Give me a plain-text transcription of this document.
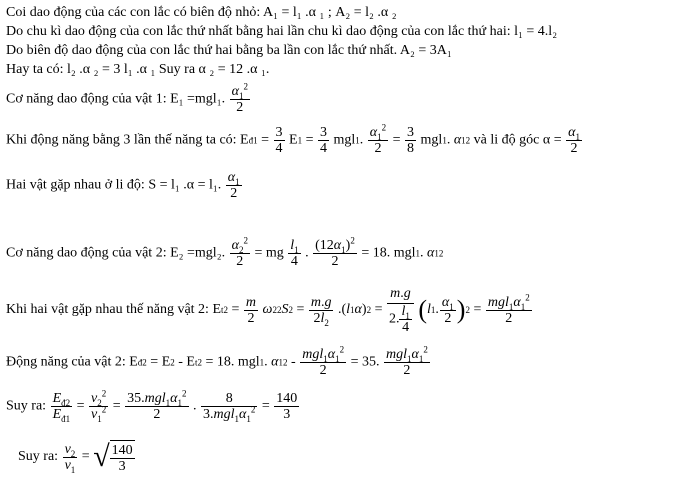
Coi dao động của các con lắc có biên độ nhỏ: A₁ = l₁ .α ₁ ; A₂ = l₂ .α ₂
Do chu kì dao động của con lắc thứ nhất bằng hai lần chu kì dao động của con lắc thứ hai: l₁ = 4.l₂
Do biên độ dao động của con lắc thứ hai bằng ba lần con lắc thứ nhất. A₂ = 3A₁
Hay ta có: l₂ .α ₂ = 3 l₁ .α ₁ Suy ra α ₂ = 12 .α ₁.
Cơ năng dao động của vật 1: E₁ =mgl₁. $\frac{\alpha_1^2}{2}$
Khi động năng bằng 3 lần thế năng ta có: Eđ1 = $\frac{3}{4} E1 = \frac{3}{4} mgl1$. $\frac{\alpha_1^2}{2} = \frac{3}{8} mgl1$. α12 và li độ góc $\alpha = \frac{\alpha_1}{2}$
Hai vật gặp nhau ở li độ: S = l₁ .α = l₁. $\frac{\alpha_1}{2}$
Cơ năng dao động của vật 2: E₂ =mgl₂. $\frac{\alpha_2^2}{2}$ = mg $\frac{l_1}{4}$ . $\frac{(12\alpha_1)^2}{2} = 18$. mgl1. α12
Khi hai vật gặp nhau thế năng vật 2: $Et2 = \frac{m}{2} \omega 22S2 = \frac{m.g}{2l_2} .(l1\alpha)2 = \frac{m.g}{2. \frac{l_1}{4}} (l1$. $\frac{\alpha_1}{2} )2 = \frac{mgl_1\alpha_1^2}{2}$
Động năng của vật 2: Eđ2 = E2 - Et2 = 18. mgl1. $\alpha 12 - \frac{mgl_1\alpha_1^2}{2} = 35$. $\frac{mgl_1\alpha_1^2}{2}$
Suy ra: $\frac{E_{đ2}}{E_{đ1}} = \frac{v_2^2}{v_1^2} = \frac{35.mgl_1\alpha_1^2}{2}$ . $\frac{8}{3.mgl_1\alpha_1^2} = \frac{140}{3}$
Suy ra: $\frac{v_2}{v_1}$ = √ $\frac{140}{3}$
